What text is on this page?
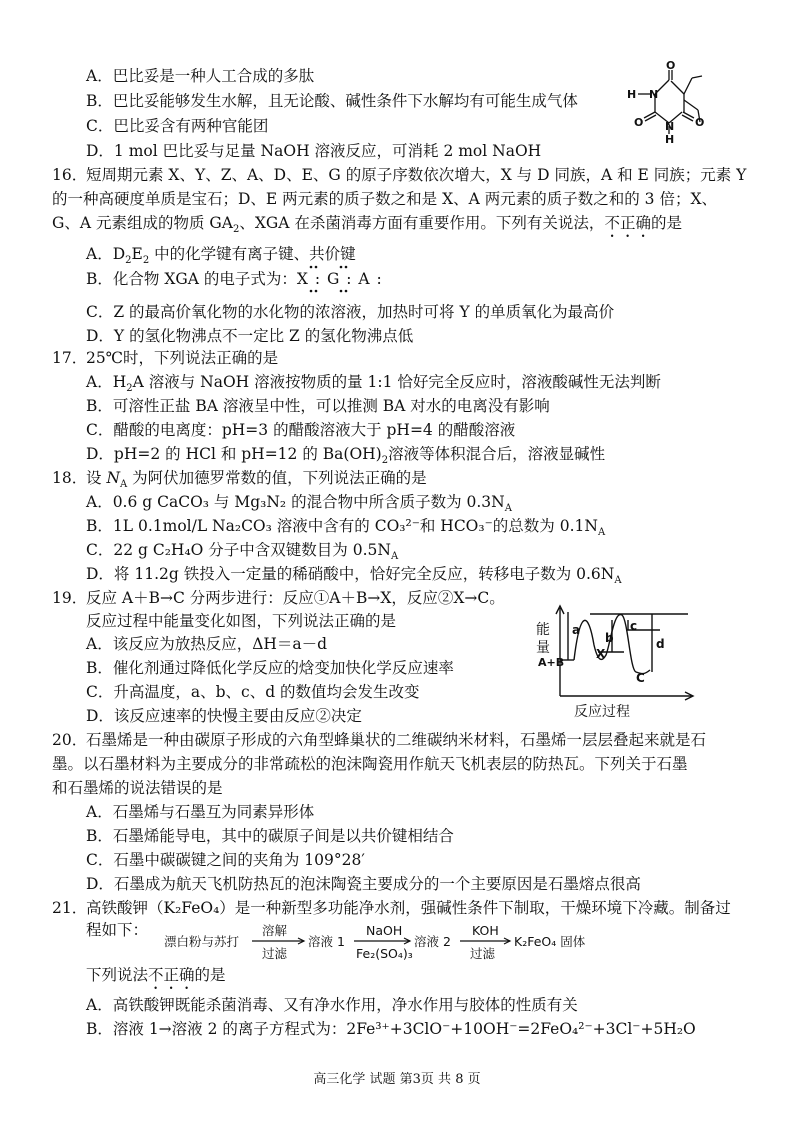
A．巴比妥是一种人工合成的多肽
B．巴比妥能够发生水解，且无论酸、碱性条件下水解均有可能生成气体
C．巴比妥含有两种官能团
D．1 mol 巴比妥与足量 NaOH 溶液反应，可消耗 2 mol NaOH
O
O	O
N
N
H
H
16．
短周期元素 X、Y、Z、A、D、E、G 的原子序数依次增大，X 与 D 同族，A 和 E 同族；元素 Y
的一种高硬度单质是宝石；D、E 两元素的质子数之和是 X、A 两元素的质子数之和的 3 倍；X、
G、A 元素组成的物质 $GA_2$、XGA 在杀菌消毒方面有重要作用。下列有关说法，不正确的是
A．$D_2E_2$ 中的化学键有离子键、共价键
B．化合物 XGA 的电子式为：X : G : A :
C．Z 的最高价氧化物的水化物的浓溶液，加热时可将 Y 的单质氧化为最高价
D．Y 的氢化物沸点不一定比 Z 的氢化物沸点低
17．
25℃时，下列说法正确的是
A．$H_2A$ 溶液与 NaOH 溶液按物质的量 1:1 恰好完全反应时，溶液酸碱性无法判断
B．可溶性正盐 BA 溶液呈中性，可以推测 BA 对水的电离没有影响
C．醋酸的电离度：pH=3 的醋酸溶液大于 pH=4 的醋酸溶液
D．pH=2 的 HCl 和 pH=12 的 $Ba(OH)_2$溶液等体积混合后，溶液显碱性
18．
设 $N_A$ 为阿伏加德罗常数的值，下列说法正确的是
A．0.6 g CaCO₃ 与 Mg₃N₂ 的混合物中所含质子数为 $0.3N_A$
B．1L 0.1mol/L Na₂CO₃ 溶液中含有的 CO₃²⁻和 HCO₃⁻的总数为 $0.1N_A$
C．22 g C₂H₄O 分子中含双键数目为 $0.5N_A$
D．将 11.2g 铁投入一定量的稀硝酸中，恰好完全反应，转移电子数为 $0.6N_A$
19．
反应 A＋B→C 分两步进行：反应①A＋B→X，反应②X→C。
反应过程中能量变化如图，下列说法正确的是
A．该反应为放热反应，ΔH＝a－d
B．催化剂通过降低化学反应的焓变加快化学反应速率
C．升高温度，a、b、c、d 的数值均会发生改变
D．该反应速率的快慢主要由反应②决定
a
b
c
d
X
C
A+B
能
量
反应过程
20．
石墨烯是一种由碳原子形成的六角型蜂巢状的二维碳纳米材料，石墨烯一层层叠起来就是石
墨。以石墨材料为主要成分的非常疏松的泡沫陶瓷用作航天飞机表层的防热瓦。下列关于石墨
和石墨烯的说法错误的是
A．石墨烯与石墨互为同素异形体
B．石墨烯能导电，其中的碳原子间是以共价键相结合
C．石墨中碳碳键之间的夹角为 109°28′
D．石墨成为航天飞机防热瓦的泡沫陶瓷主要成分的一个主要原因是石墨熔点很高
21．
高铁酸钾（K₂FeO₄）是一种新型多功能净水剂，强碱性条件下制取，干燥环境下冷藏。制备过
程如下：
漂白粉与苏打
溶解
过滤
溶液 1
NaOH
Fe₂(SO₄)₃
溶液 2
KOH
过滤
K₂FeO₄ 固体
下列说法不正确的是
A．高铁酸钾既能杀菌消毒、又有净水作用，净水作用与胶体的性质有关
B．溶液 1→溶液 2 的离子方程式为：2Fe³⁺+3ClO⁻+10OH⁻=2FeO₄²⁻+3Cl⁻+5H₂O
高三化学 试题 第3页 共 8 页
